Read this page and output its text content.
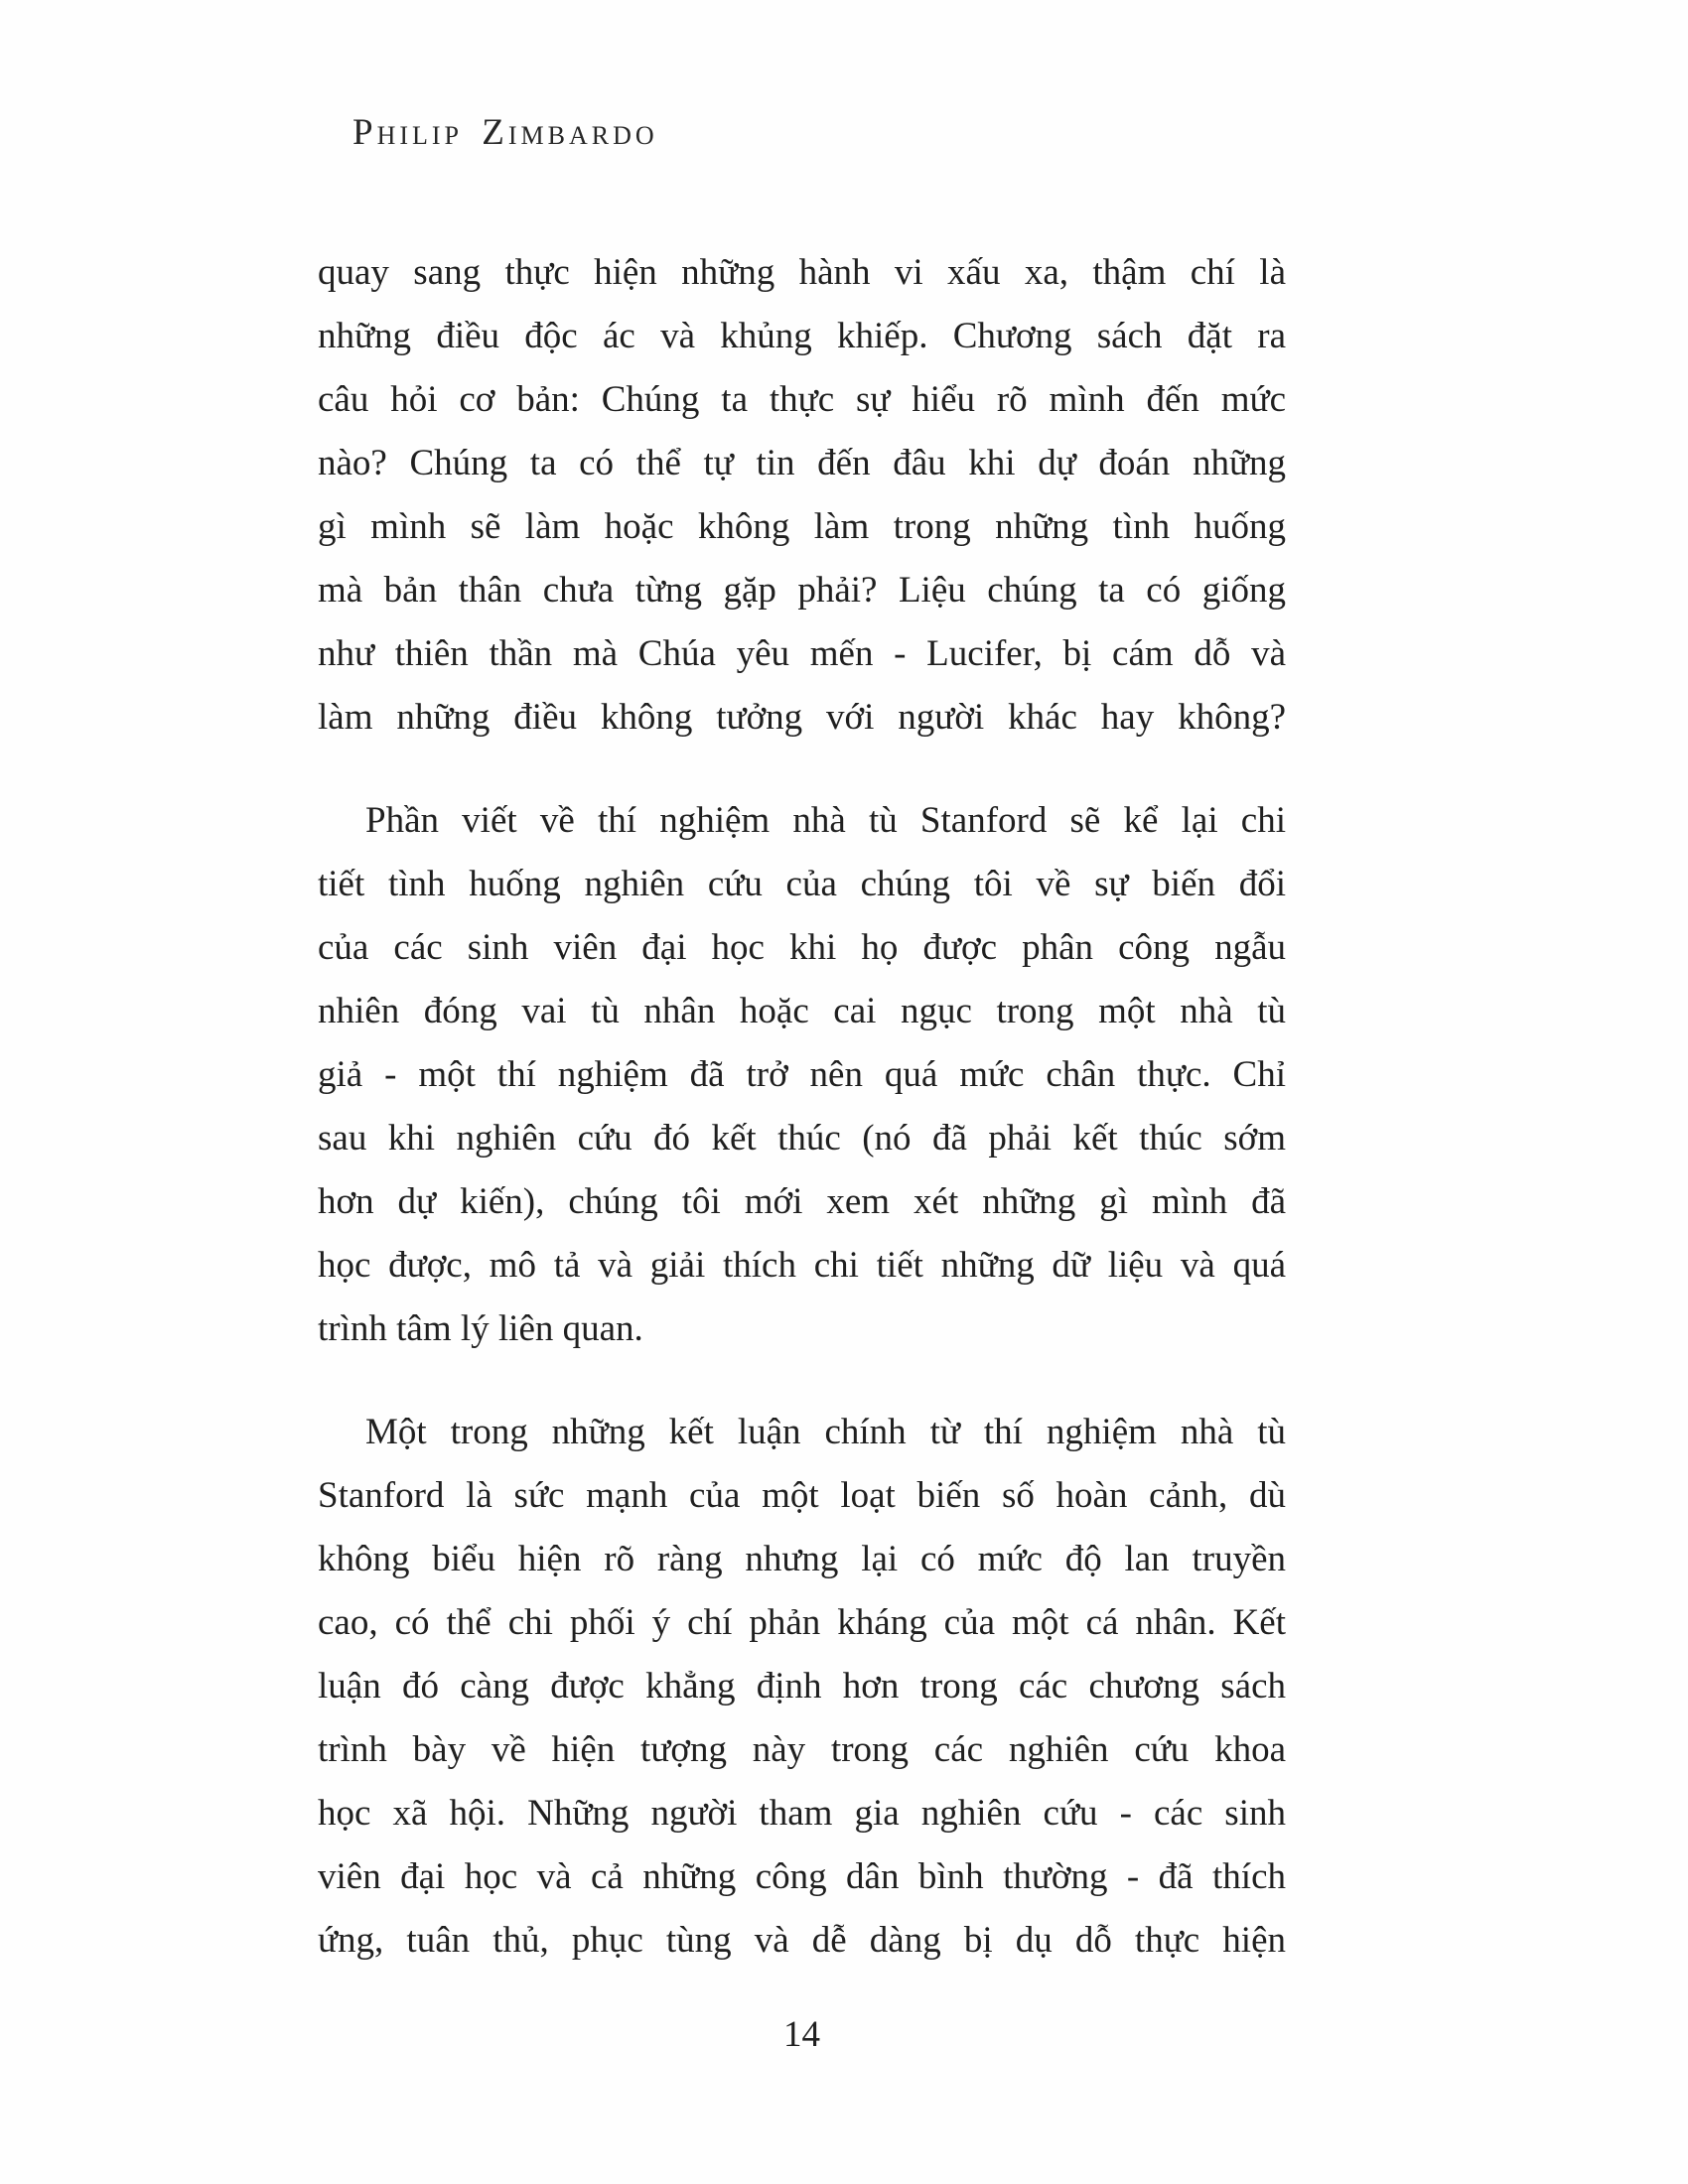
Philip Zimbardo

quay sang thực hiện những hành vi xấu xa, thậm chí là
những điều độc ác và khủng khiếp. Chương sách đặt ra
câu hỏi cơ bản: Chúng ta thực sự hiểu rõ mình đến mức
nào? Chúng ta có thể tự tin đến đâu khi dự đoán những
gì mình sẽ làm hoặc không làm trong những tình huống
mà bản thân chưa từng gặp phải? Liệu chúng ta có giống
như thiên thần mà Chúa yêu mến - Lucifer, bị cám dỗ và
làm những điều không tưởng với người khác hay không?

Phần viết về thí nghiệm nhà tù Stanford sẽ kể lại chi
tiết tình huống nghiên cứu của chúng tôi về sự biến đổi
của các sinh viên đại học khi họ được phân công ngẫu
nhiên đóng vai tù nhân hoặc cai ngục trong một nhà tù
giả - một thí nghiệm đã trở nên quá mức chân thực. Chỉ
sau khi nghiên cứu đó kết thúc (nó đã phải kết thúc sớm
hơn dự kiến), chúng tôi mới xem xét những gì mình đã
học được, mô tả và giải thích chi tiết những dữ liệu và quá
trình tâm lý liên quan.

Một trong những kết luận chính từ thí nghiệm nhà tù
Stanford là sức mạnh của một loạt biến số hoàn cảnh, dù
không biểu hiện rõ ràng nhưng lại có mức độ lan truyền
cao, có thể chi phối ý chí phản kháng của một cá nhân. Kết
luận đó càng được khẳng định hơn trong các chương sách
trình bày về hiện tượng này trong các nghiên cứu khoa
học xã hội. Những người tham gia nghiên cứu - các sinh
viên đại học và cả những công dân bình thường - đã thích
ứng, tuân thủ, phục tùng và dễ dàng bị dụ dỗ thực hiện

14
